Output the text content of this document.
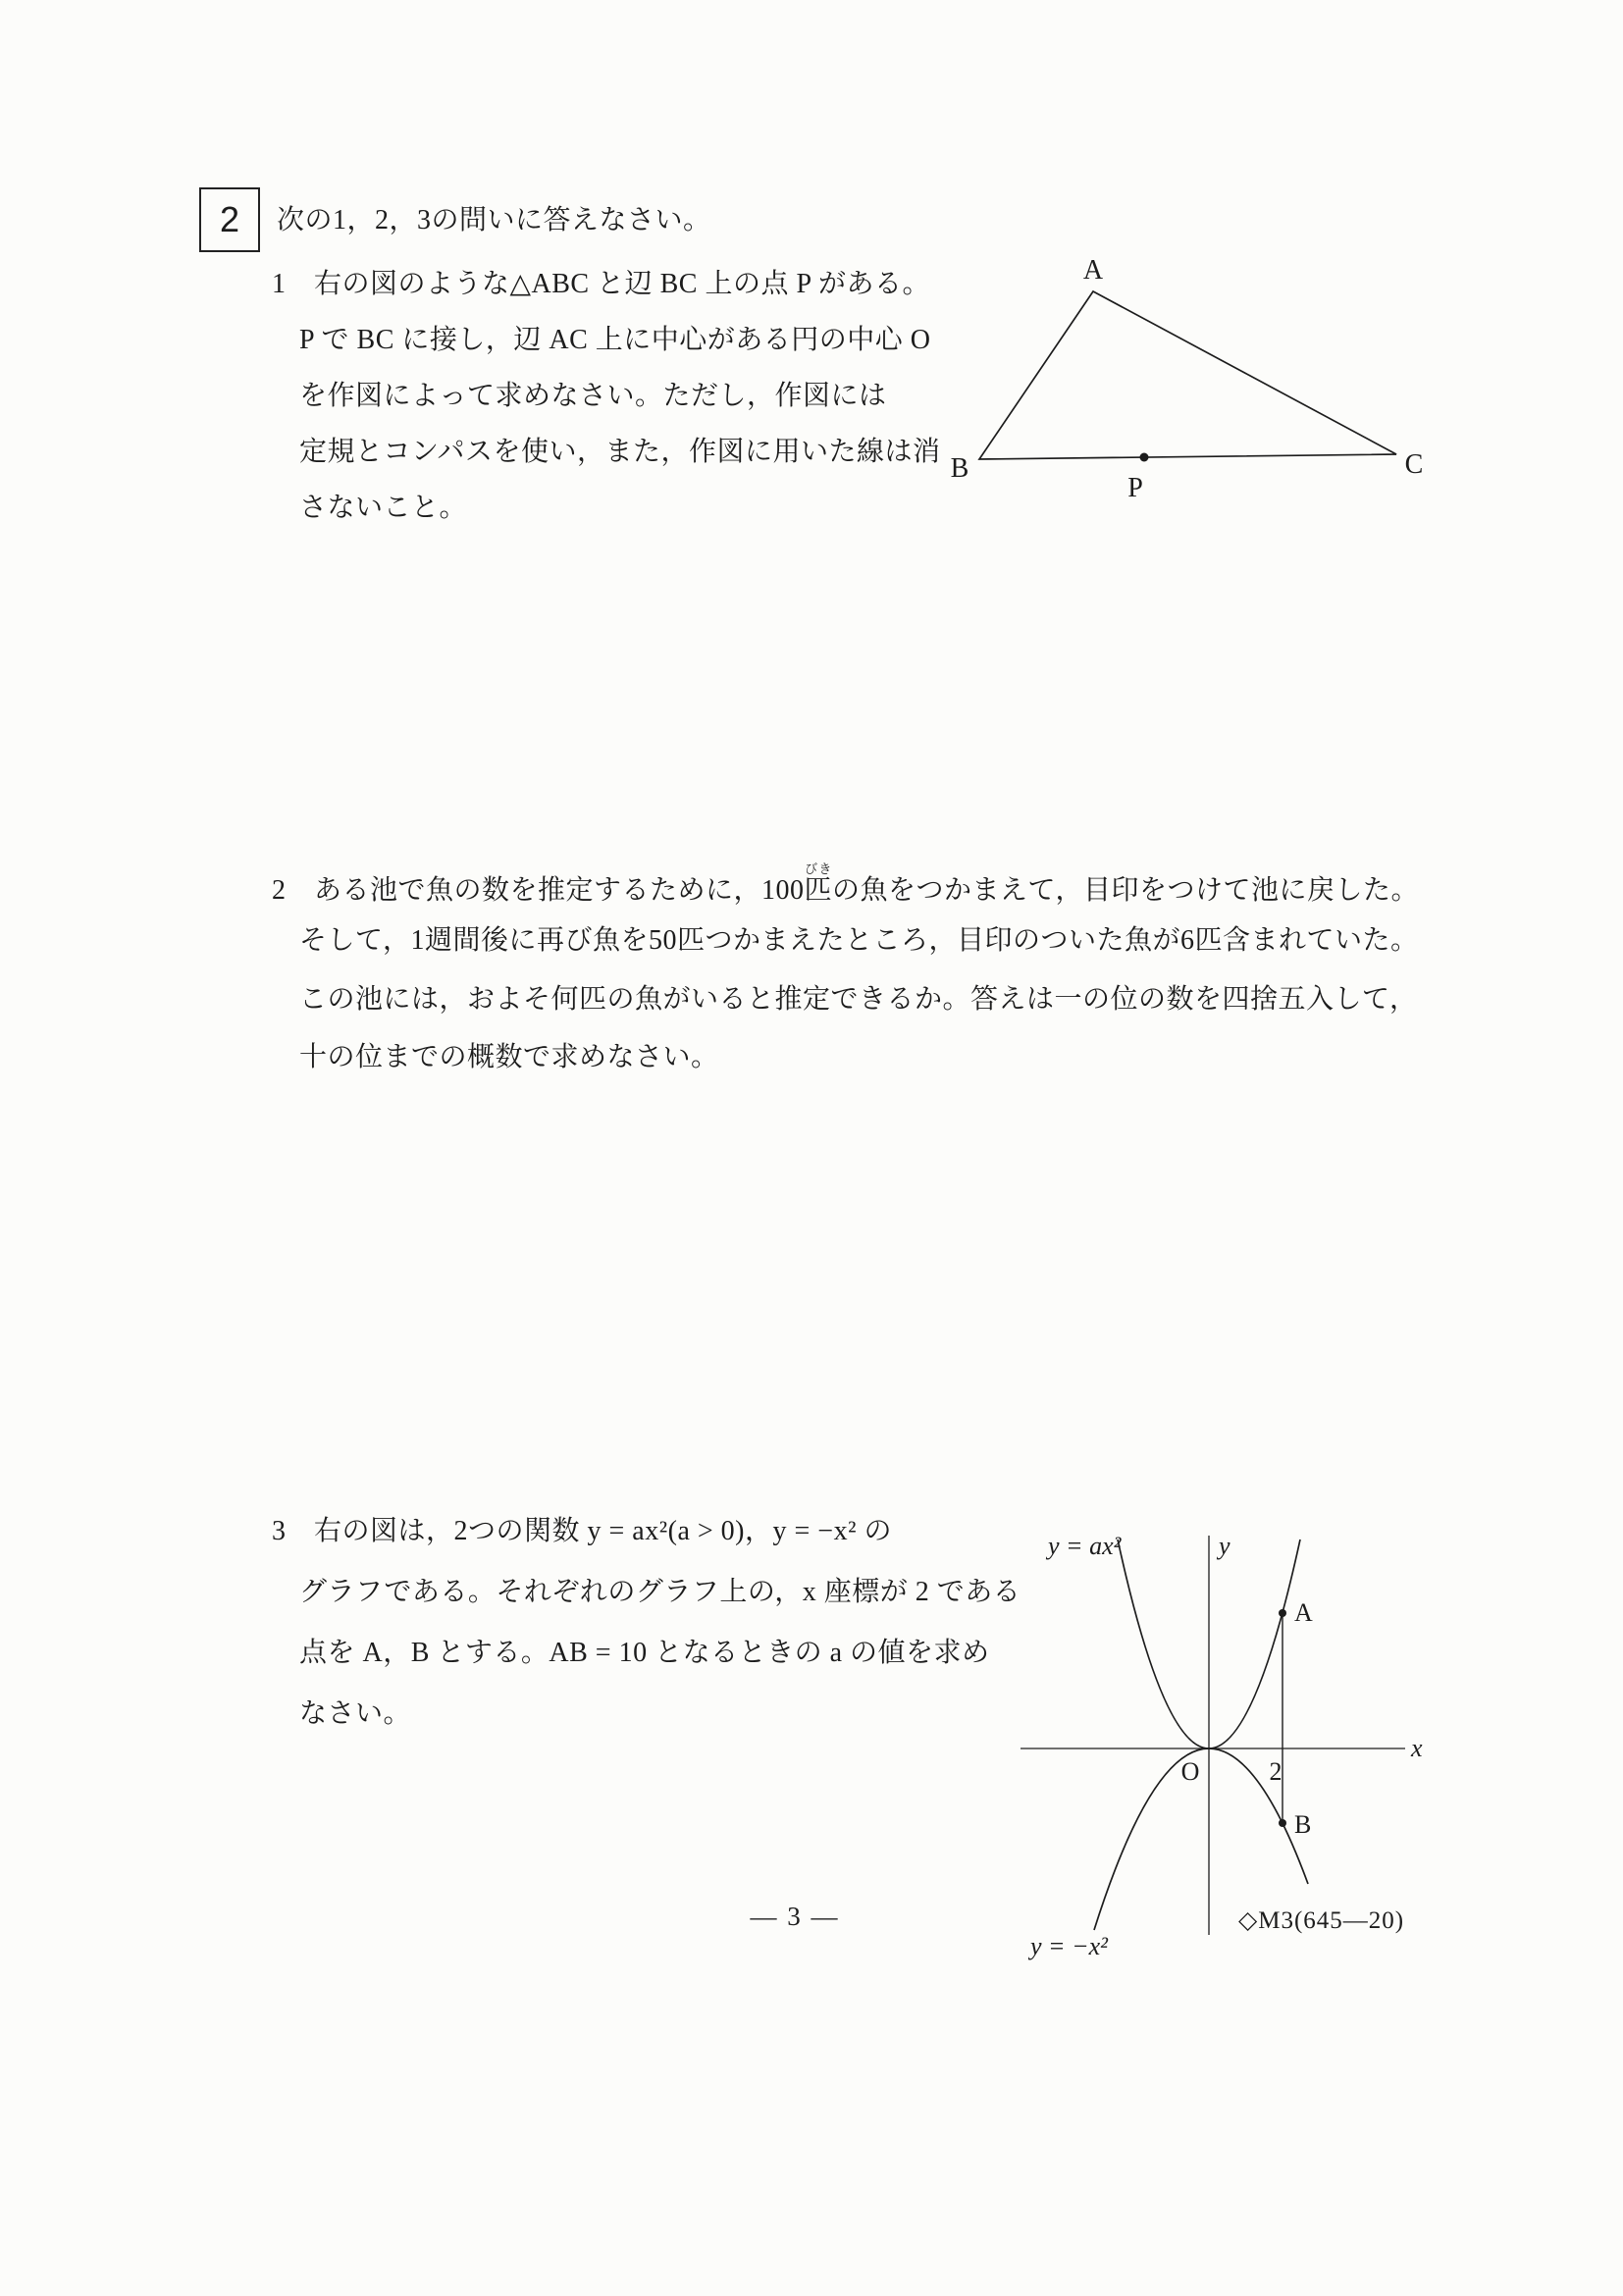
2 次の1，2，3の問いに答えなさい。
1　右の図のような△ABC と辺 BC 上の点 P がある。
P で BC に接し，辺 AC 上に中心がある円の中心 O
を作図によって求めなさい。ただし，作図には
定規とコンパスを使い，また，作図に用いた線は消
さないこと。
A
B	C
P
2　ある池で魚の数を推定するために，100匹びきの魚をつかまえて，目印をつけて池に戻した。
そして，1週間後に再び魚を50匹つかまえたところ，目印のついた魚が6匹含まれていた。
この池には，およそ何匹の魚がいると推定できるか。答えは一の位の数を四捨五入して，
十の位までの概数で求めなさい。
3　右の図は，2つの関数 y = ax²(a > 0)，y = −x² の
グラフである。それぞれのグラフ上の，x 座標が 2 である
点を A，B とする。AB = 10 となるときの a の値を求め
なさい。
y = ax²	y
x
O	2
A
B
y = −x²
— 3 —	◇M3(645—20)
